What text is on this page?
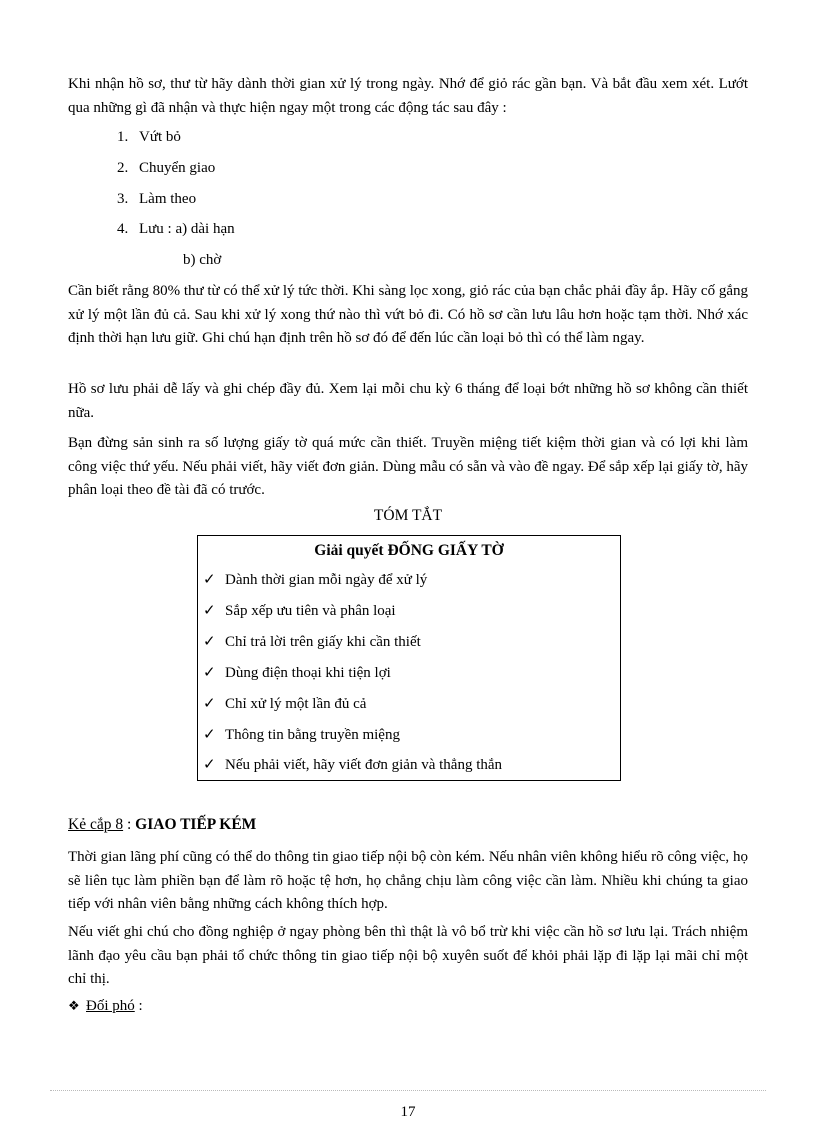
Khi nhận hồ sơ, thư từ hãy dành thời gian xử lý trong ngày. Nhớ để giỏ rác gần bạn. Và bắt đầu xem xét. Lướt qua những gì đã nhận và thực hiện ngay một trong các động tác sau đây :

1. Vứt bỏ
2. Chuyển giao
3. Làm theo
4. Lưu : a) dài hạn
b) chờ

Cần biết rằng 80% thư từ có thể xử lý tức thời. Khi sàng lọc xong, giỏ rác của bạn chắc phải đầy ắp. Hãy cố gắng xử lý một lần đủ cả. Sau khi xử lý xong thứ nào thì vứt bỏ đi. Có hồ sơ cần lưu lâu hơn hoặc tạm thời. Nhớ xác định thời hạn lưu giữ. Ghi chú hạn định trên hồ sơ đó để đến lúc cần loại bỏ thì có thể làm ngay.

Hồ sơ lưu phải dễ lấy và ghi chép đầy đủ. Xem lại mỗi chu kỳ 6 tháng để loại bớt những hồ sơ không cần thiết nữa.

Bạn đừng sản sinh ra số lượng giấy tờ quá mức cần thiết. Truyền miệng tiết kiệm thời gian và có lợi khi làm công việc thứ yếu. Nếu phải viết, hãy viết đơn giản. Dùng mẫu có sẵn và vào đề ngay. Để sắp xếp lại giấy tờ, hãy phân loại theo đề tài đã có trước.

TÓM TẮT
Giải quyết ĐỐNG GIẤY TỜ
✓ Dành thời gian mỗi ngày để xử lý
✓ Sắp xếp ưu tiên và phân loại
✓ Chỉ trả lời trên giấy khi cần thiết
✓ Dùng điện thoại khi tiện lợi
✓ Chỉ xử lý một lần đủ cả
✓ Thông tin bằng truyền miệng
✓ Nếu phải viết, hãy viết đơn giản và thẳng thắn
Kẻ cắp 8 : GIAO TIẾP KÉM

Thời gian lãng phí cũng có thể do thông tin giao tiếp nội bộ còn kém. Nếu nhân viên không hiểu rõ công việc, họ sẽ liên tục làm phiền bạn để làm rõ hoặc tệ hơn, họ chẳng chịu làm công việc cần làm. Nhiều khi chúng ta giao tiếp với nhân viên bằng những cách không thích hợp.

Nếu viết ghi chú cho đồng nghiệp ở ngay phòng bên thì thật là vô bổ trừ khi việc cần hồ sơ lưu lại. Trách nhiệm lãnh đạo yêu cầu bạn phải tổ chức thông tin giao tiếp nội bộ xuyên suốt để khỏi phải lặp đi lặp lại mãi chỉ một chỉ thị.

❖ Đối phó :
17
